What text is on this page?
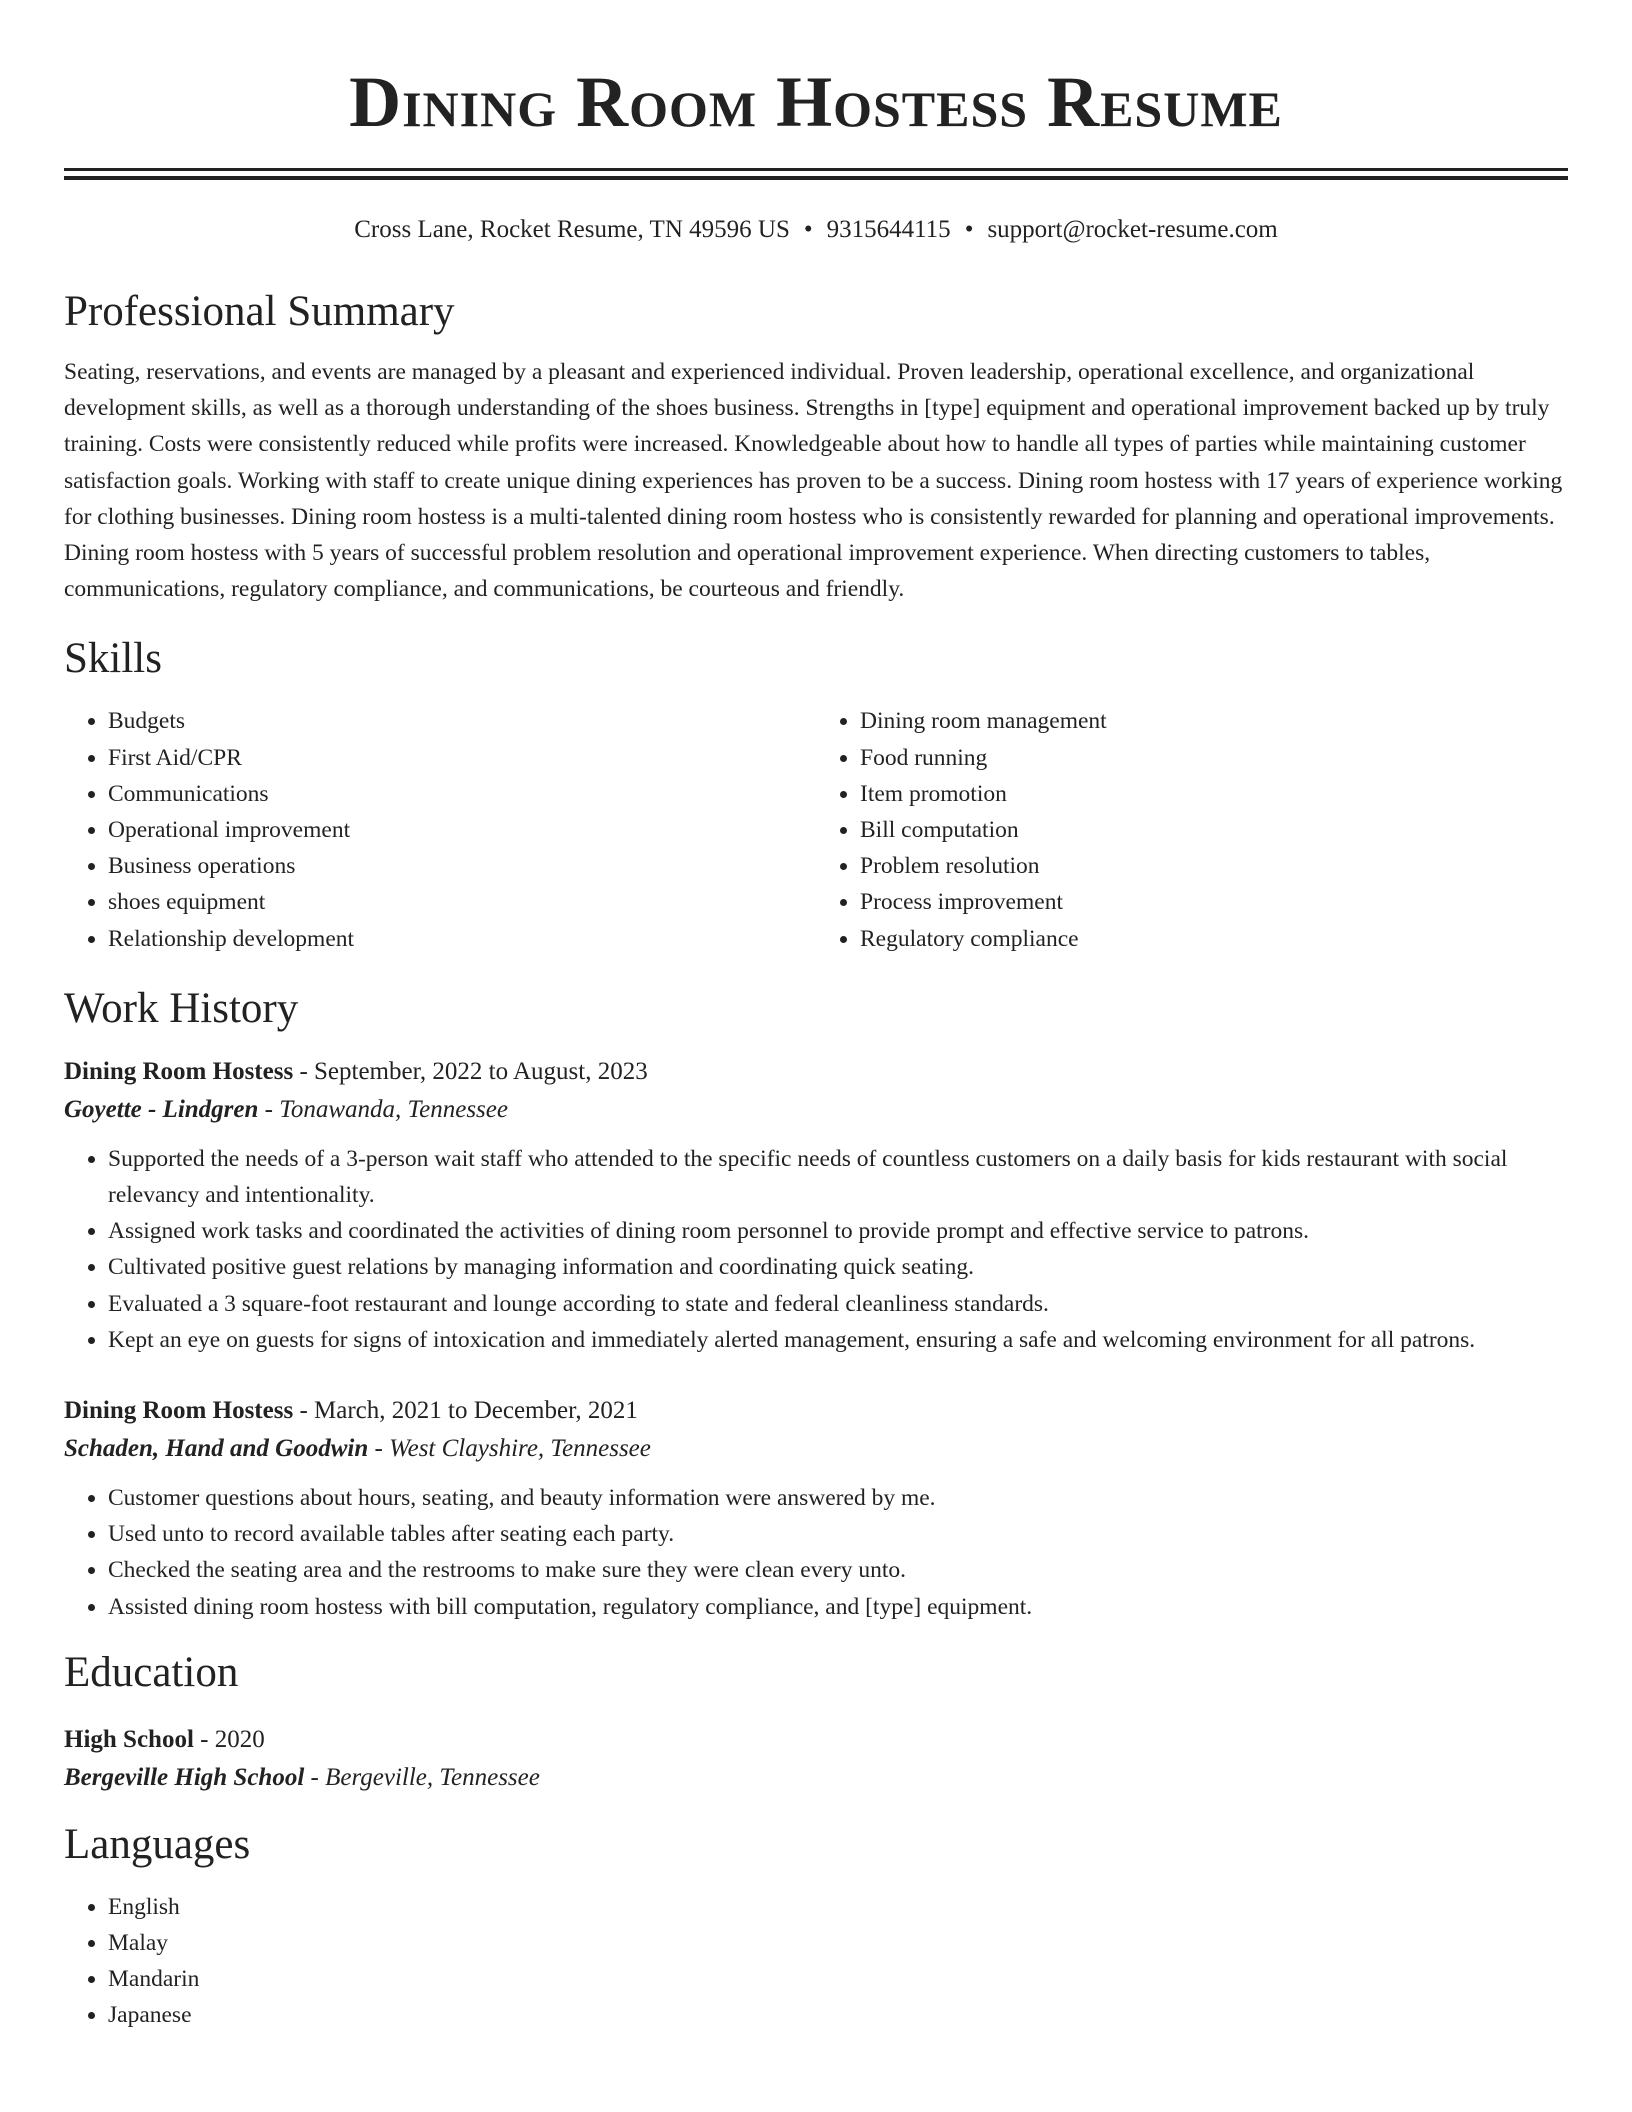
Dining Room Hostess Resume
Cross Lane, Rocket Resume, TN 49596 US • 9315644115 • support@rocket-resume.com
Professional Summary
Seating, reservations, and events are managed by a pleasant and experienced individual. Proven leadership, operational excellence, and organizational development skills, as well as a thorough understanding of the shoes business. Strengths in [type] equipment and operational improvement backed up by truly training. Costs were consistently reduced while profits were increased. Knowledgeable about how to handle all types of parties while maintaining customer satisfaction goals. Working with staff to create unique dining experiences has proven to be a success. Dining room hostess with 17 years of experience working for clothing businesses. Dining room hostess is a multi-talented dining room hostess who is consistently rewarded for planning and operational improvements. Dining room hostess with 5 years of successful problem resolution and operational improvement experience. When directing customers to tables, communications, regulatory compliance, and communications, be courteous and friendly.
Skills
• Budgets
• First Aid/CPR
• Communications
• Operational improvement
• Business operations
• shoes equipment
• Relationship development
• Dining room management
• Food running
• Item promotion
• Bill computation
• Problem resolution
• Process improvement
• Regulatory compliance
Work History
Dining Room Hostess - September, 2022 to August, 2023
Goyette - Lindgren - Tonawanda, Tennessee
• Supported the needs of a 3-person wait staff who attended to the specific needs of countless customers on a daily basis for kids restaurant with social relevancy and intentionality.
• Assigned work tasks and coordinated the activities of dining room personnel to provide prompt and effective service to patrons.
• Cultivated positive guest relations by managing information and coordinating quick seating.
• Evaluated a 3 square-foot restaurant and lounge according to state and federal cleanliness standards.
• Kept an eye on guests for signs of intoxication and immediately alerted management, ensuring a safe and welcoming environment for all patrons.
Dining Room Hostess - March, 2021 to December, 2021
Schaden, Hand and Goodwin - West Clayshire, Tennessee
• Customer questions about hours, seating, and beauty information were answered by me.
• Used unto to record available tables after seating each party.
• Checked the seating area and the restrooms to make sure they were clean every unto.
• Assisted dining room hostess with bill computation, regulatory compliance, and [type] equipment.
Education
High School - 2020
Bergeville High School - Bergeville, Tennessee
Languages
• English
• Malay
• Mandarin
• Japanese
